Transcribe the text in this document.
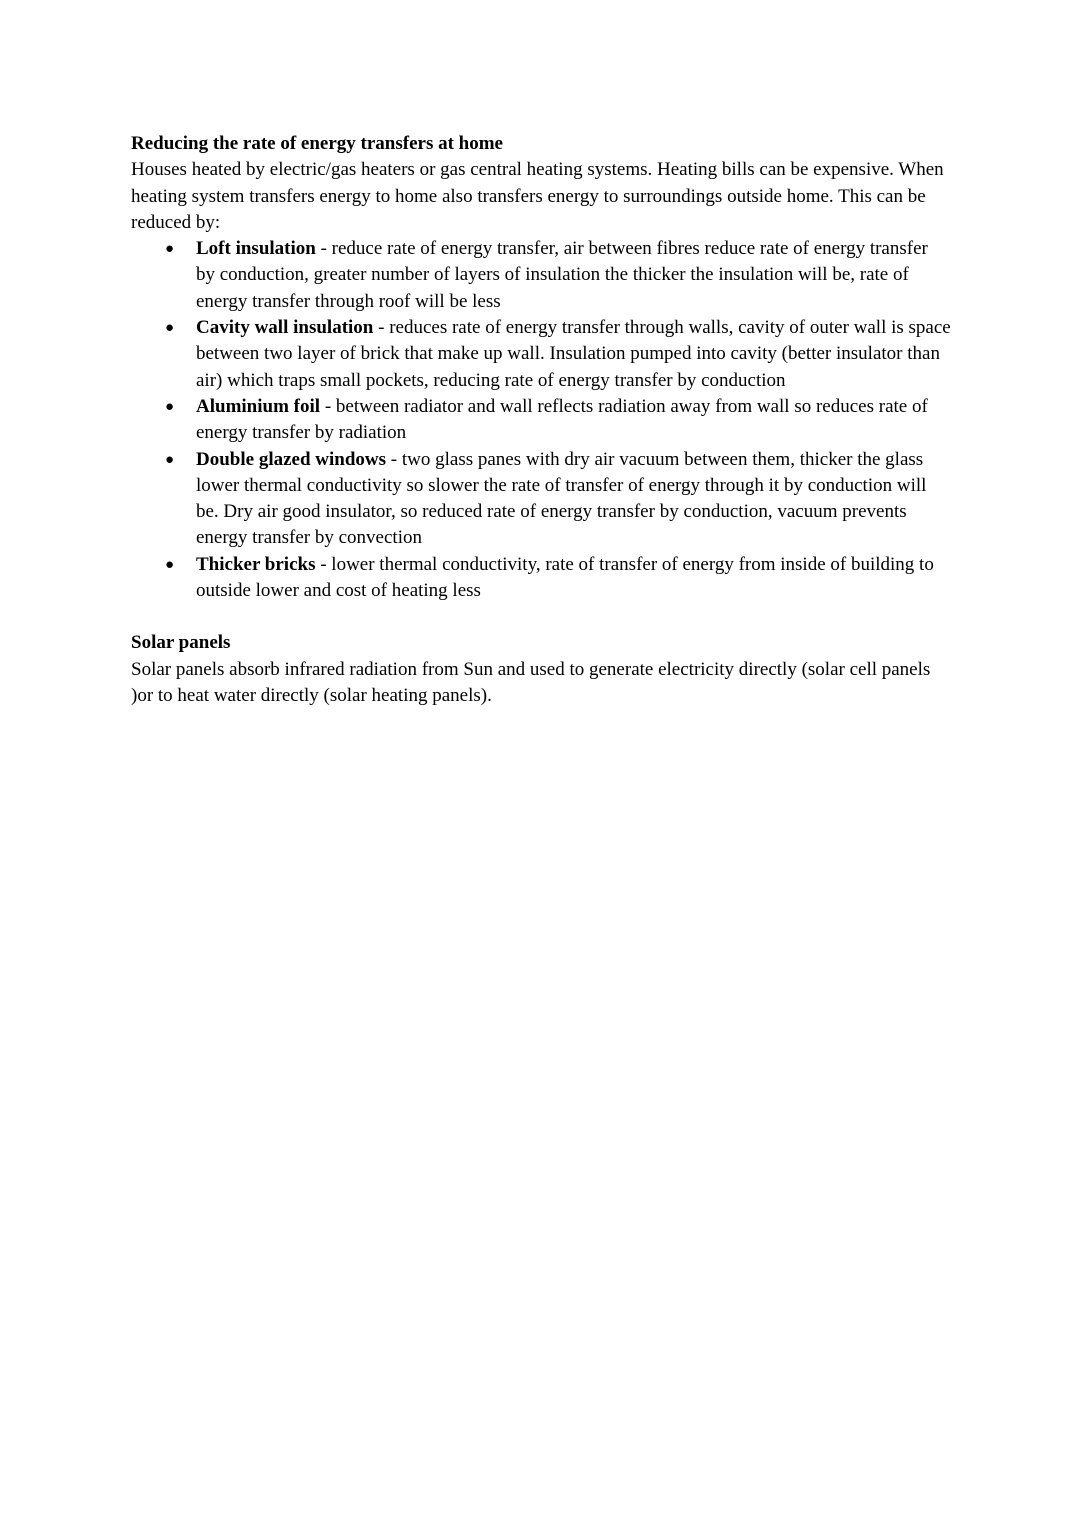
Reducing the rate of energy transfers at home

Houses heated by electric/gas heaters or gas central heating systems. Heating bills can be expensive. When heating system transfers energy to home also transfers energy to surroundings outside home. This can be reduced by:

● Loft insulation - reduce rate of energy transfer, air between fibres reduce rate of energy transfer by conduction, greater number of layers of insulation the thicker the insulation will be, rate of energy transfer through roof will be less
● Cavity wall insulation - reduces rate of energy transfer through walls, cavity of outer wall is space between two layer of brick that make up wall. Insulation pumped into cavity (better insulator than air) which traps small pockets, reducing rate of energy transfer by conduction
● Aluminium foil - between radiator and wall reflects radiation away from wall so reduces rate of energy transfer by radiation
● Double glazed windows - two glass panes with dry air vacuum between them, thicker the glass lower thermal conductivity so slower the rate of transfer of energy through it by conduction will be. Dry air good insulator, so reduced rate of energy transfer by conduction, vacuum prevents energy transfer by convection
● Thicker bricks - lower thermal conductivity, rate of transfer of energy from inside of building to outside lower and cost of heating less

Solar panels

Solar panels absorb infrared radiation from Sun and used to generate electricity directly (solar cell panels )or to heat water directly (solar heating panels).
